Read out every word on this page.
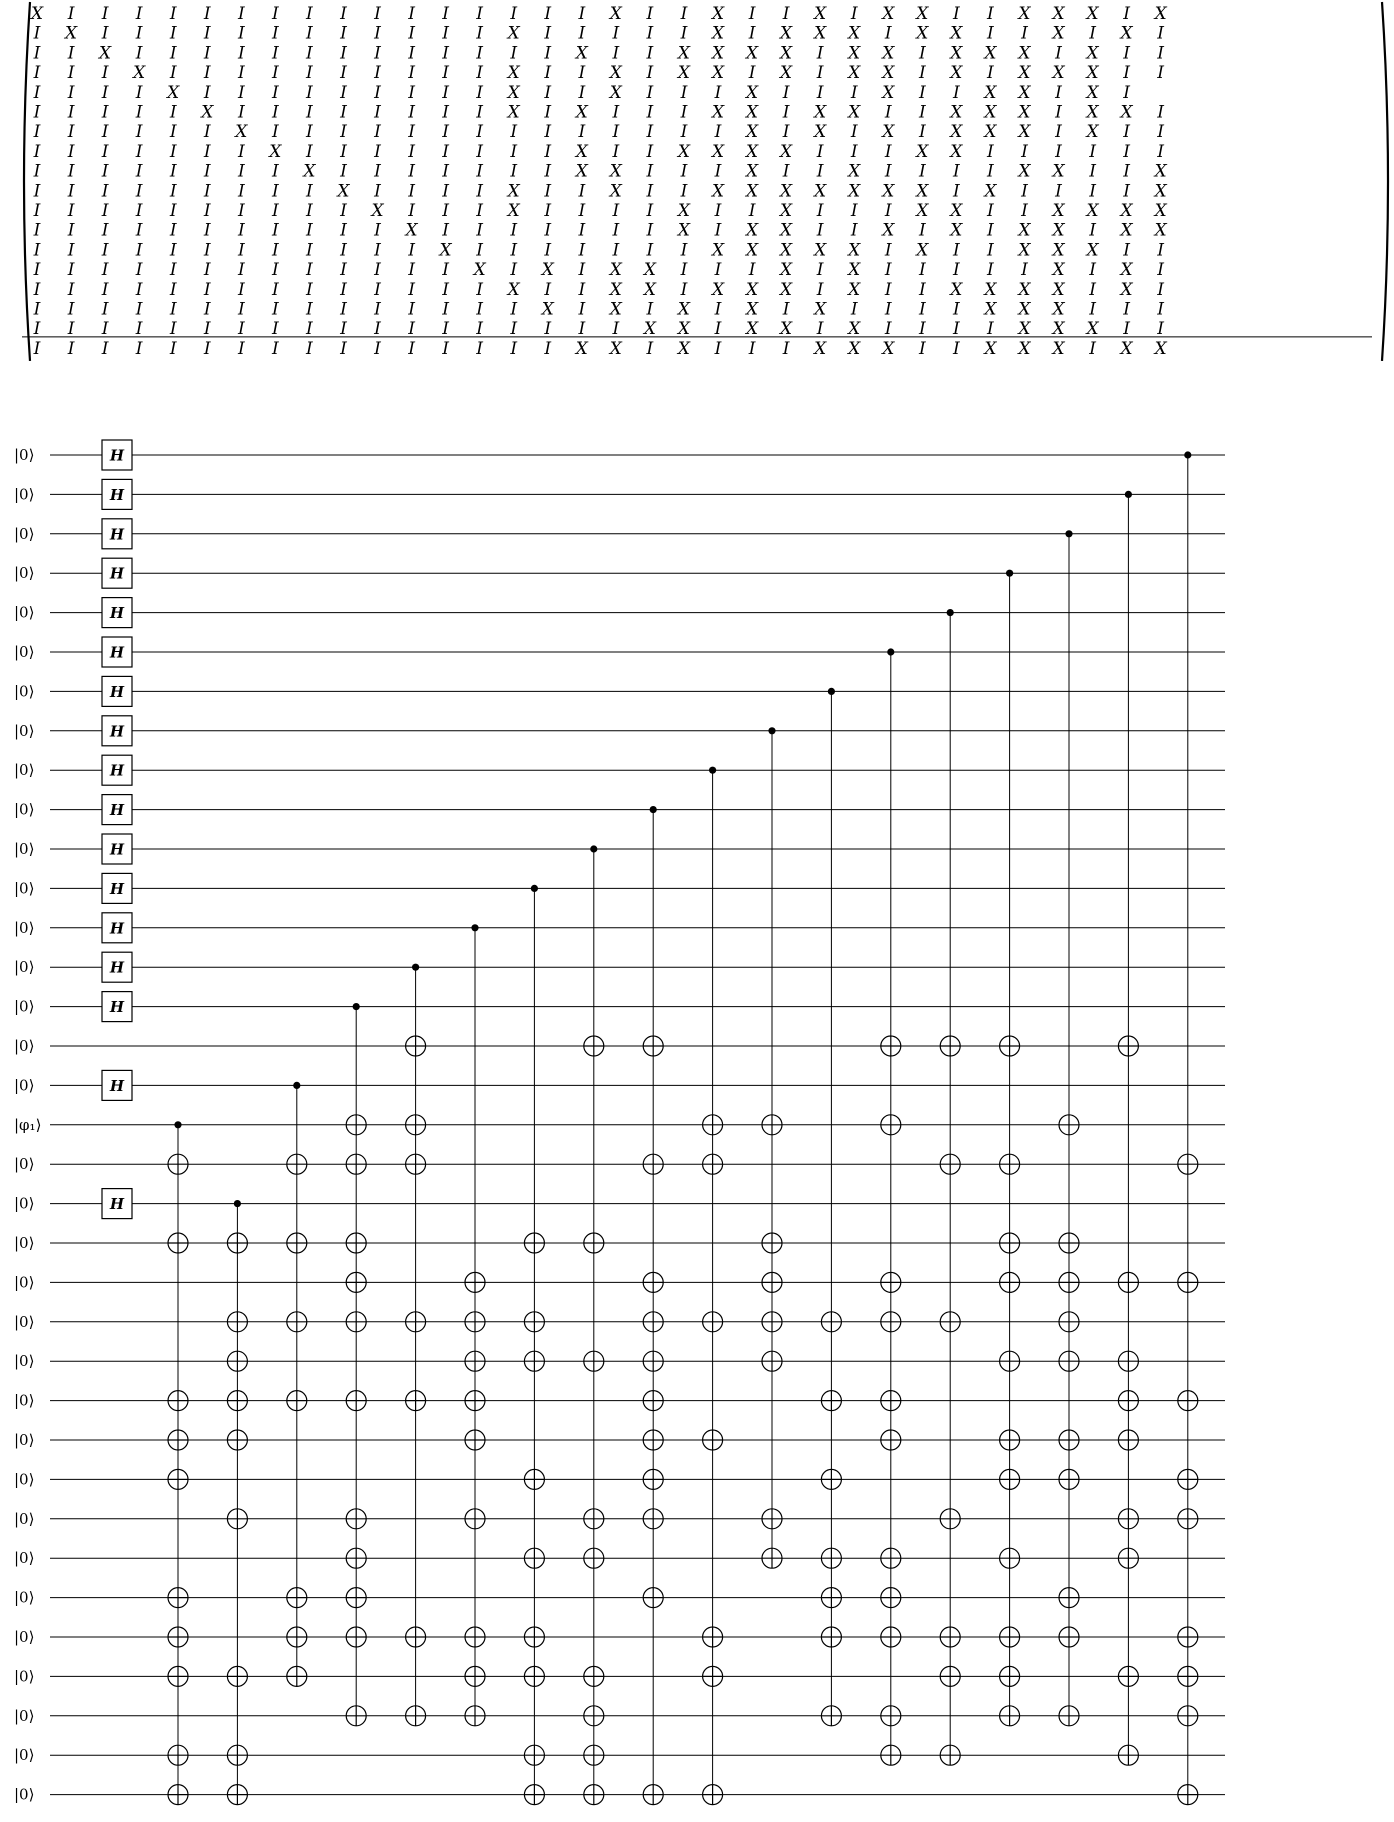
X I I I I I I I I I I I I I I I I X I I X I I X I X X I I X X X I X
I X I I I I I I I I I I I I X I I I I I X I X X X I X X I I X I X I
I I X I I I I I I I I I I I I I X I I X X X X I X X I X X X I X I I
I I I X I I I I I I I I I I X I I X I X X I X I X X I X I X X X I I
I I I I X I I I I I I I I I X I I X I I I X I I I X I I X X I X I
I I I I I X I I I I I I I I X I X I I I X X I X X I I X X X I X X I
I I I I I I X I I I I I I I I I I I I I I X I X I X I X X X I X I I
I I I I I I I X I I I I I I I I X I I X X X X I I I X X I I I I I I
I I I I I I I I X I I I I I I I X X I I I X I I X I I I I X X I I X
I I I I I I I I I X I I I I X I I X I I X X X X X X X I X I I I I X
I I I I I I I I I I X I I I X I I I I X I I X I I I X X I I X X X X
I I I I I I I I I I I X I I I I I I I X I X X I I X I X I X X I X X
I I I I I I I I I I I I X I I I I I I I X X X X X I X I I X X X I I
I I I I I I I I I I I I I X I X I X X I I I X I X I I I I I X I X I
I I I I I I I I I I I I I I X I I X X I X X X I X I I X X X X I X I
I I I I I I I I I I I I I I I X I X I X I X I X I I I I X X X I I I
I I I I I I I I I I I I I I I I I I X X I X X I X I I I I X X X I I
I I I I I I I I I I I I I I I I X X I X I I I X X X I I X X X I X X
|0⟩
|0⟩
|0⟩
|0⟩
|0⟩
|0⟩
|0⟩
|0⟩
|0⟩
|0⟩
|0⟩
|0⟩
|0⟩
|0⟩
|0⟩
|0⟩
|0⟩
|φ₁⟩
|0⟩
|0⟩
|0⟩
|0⟩
|0⟩
|0⟩
|0⟩
|0⟩
|0⟩
|0⟩
|0⟩
|0⟩
|0⟩
|0⟩
|0⟩
|0⟩
|0⟩
H
H
H
H
H
H
H
H
H
H
H
H
H
H
H
H
H
